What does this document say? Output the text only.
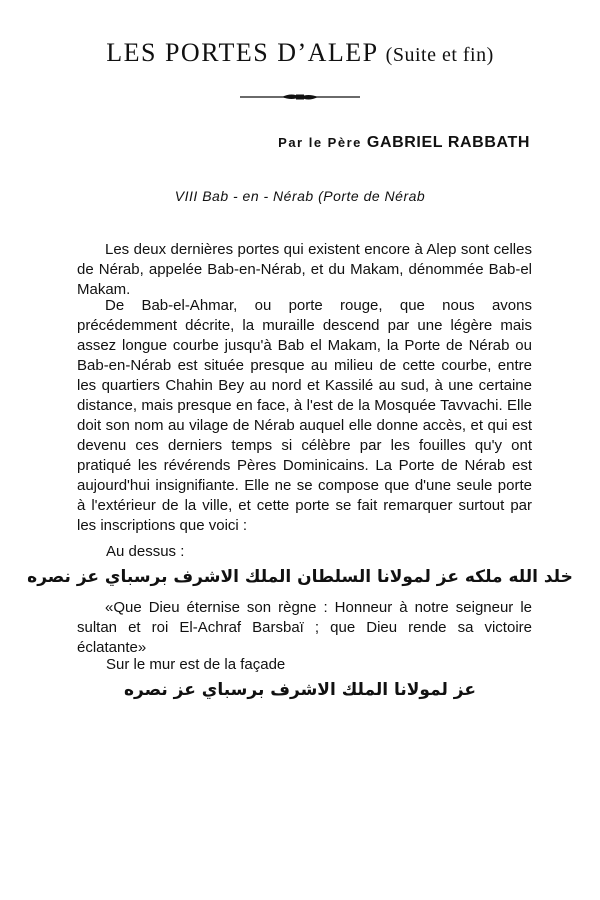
LES PORTES D’ALEP (Suite et fin)
Par le Père GABRIEL RABBATH
VIII Bab - en - Nérab (Porte de Nérab
Les deux dernières portes qui existent encore à Alep sont celles de Nérab, appelée Bab-en-Nérab, et du Makam, dénommée Bab-el Makam.
De Bab-el-Ahmar, ou porte rouge, que nous avons précédemment décrite, la muraille descend par une légère mais assez longue courbe jusqu'à Bab el Makam, la Porte de Nérab ou Bab-en-Nérab est située presque au milieu de cette courbe, entre les quartiers Chahin Bey au nord et Kassilé au sud, à une certaine distance, mais presque en face, à l'est de la Mosquée Tavvachi. Elle doit son nom au vilage de Nérab auquel elle donne accès, et qui est devenu ces derniers temps si célèbre par les fouilles qu'y ont pratiqué les révérends Pères Dominicains. La Porte de Nérab est aujourd'hui insignifiante. Elle ne se compose que d'une seule porte à l'extérieur de la ville, et cette porte se fait remarquer surtout par les inscriptions que voici :
Au dessus :
خلد الله ملكه عز لمولانا السلطان الملك الاشرف برسباي عز نصره
«Que Dieu éternise son règne : Honneur à notre seigneur le sultan et roi El-Achraf Barsbaï ; que Dieu rende sa victoire éclatante»
Sur le mur est de la façade
عز لمولانا الملك الاشرف برسباي عز نصره
